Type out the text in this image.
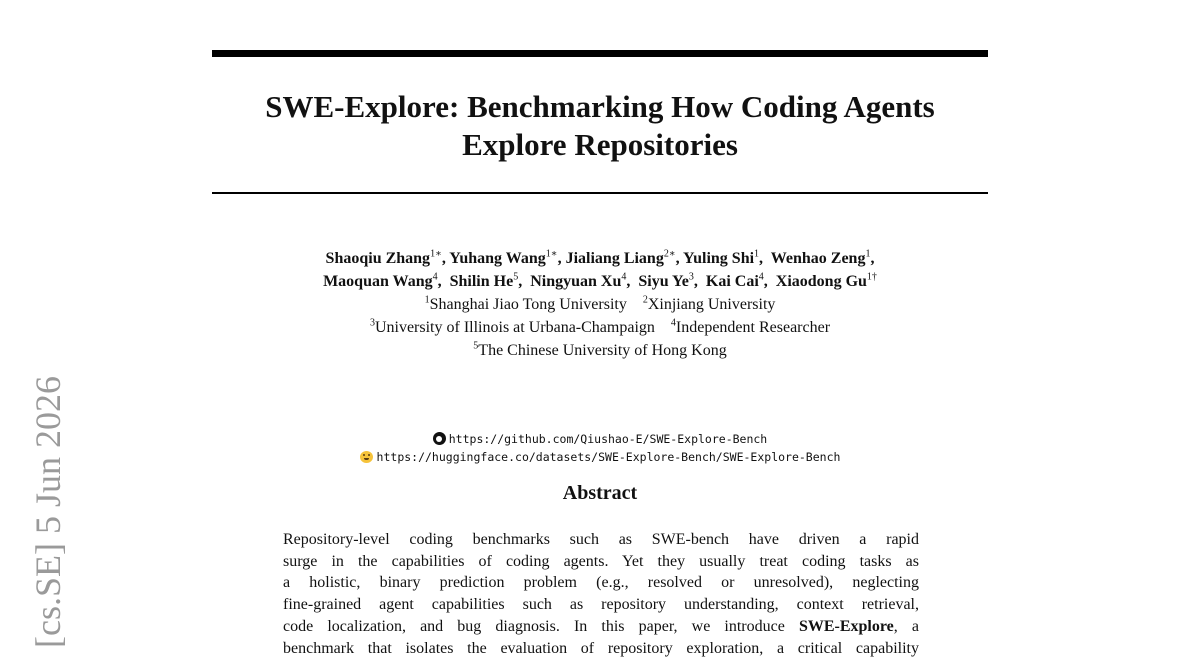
[cs.SE] 5 Jun 2026
SWE-Explore: Benchmarking How Coding Agents
Explore Repositories
Shaoqiu Zhang$^{1∗}$, Yuhang Wang$^{1∗}$, Jialiang Liang$^{2∗}$, Yuling Shi$^1$,  Wenhao Zeng$^1$,
Maoquan Wang$^4$,  Shilin He$^5$,  Ningyuan Xu$^4$,  Siyu Ye$^3$,  Kai Cai$^4$,  Xiaodong $Gu^{1\dagger}$
$^1$Shanghai Jiao Tong University $^2$Xinjiang University
$^3$University of Illinois at Urbana-Champaign $^4$Independent Researcher
$^5$The Chinese University of Hong Kong
https://github.com/Qiushao-E/SWE-Explore-Bench
https://huggingface.co/datasets/SWE-Explore-Bench/SWE-Explore-Bench
Abstract

Repository-level coding benchmarks such as SWE-bench have driven a rapid

surge in the capabilities of coding agents. Yet they usually treat coding tasks as

a holistic, binary prediction problem (e.g., resolved or unresolved), neglecting

fine-grained agent capabilities such as repository understanding, context retrieval,

code localization, and bug diagnosis. In this paper, we introduce SWE-Explore, a

benchmark that isolates the evaluation of repository exploration, a critical capability
